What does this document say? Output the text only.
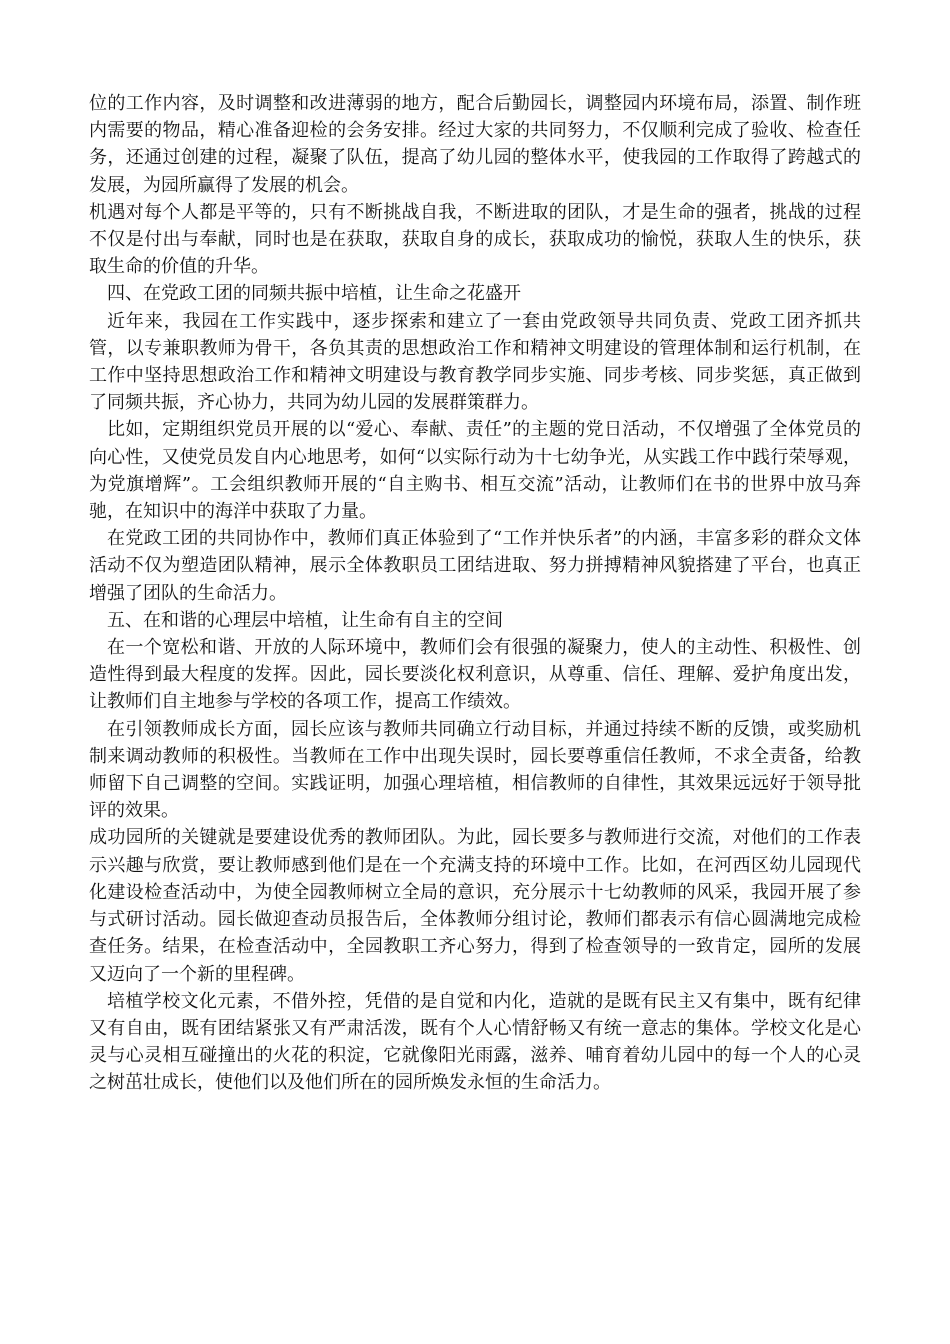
位的工作内容，及时调整和改进薄弱的地方，配合后勤园长，调整园内环境布局，添置、制作班内需要的物品，精心准备迎检的会务安排。经过大家的共同努力，不仅顺利完成了验收、检查任务，还通过创建的过程，凝聚了队伍，提高了幼儿园的整体水平，使我园的工作取得了跨越式的发展，为园所赢得了发展的机会。

机遇对每个人都是平等的，只有不断挑战自我，不断进取的团队，才是生命的强者，挑战的过程不仅是付出与奉献，同时也是在获取，获取自身的成长，获取成功的愉悦，获取人生的快乐，获取生命的价值的升华。

四、在党政工团的同频共振中培植，让生命之花盛开

近年来，我园在工作实践中，逐步探索和建立了一套由党政领导共同负责、党政工团齐抓共管，以专兼职教师为骨干，各负其责的思想政治工作和精神文明建设的管理体制和运行机制，在工作中坚持思想政治工作和精神文明建设与教育教学同步实施、同步考核、同步奖惩，真正做到了同频共振，齐心协力，共同为幼儿园的发展群策群力。

比如，定期组织党员开展的以“爱心、奉献、责任”的主题的党日活动，不仅增强了全体党员的向心性，又使党员发自内心地思考，如何“以实际行动为十七幼争光，从实践工作中践行荣辱观，为党旗增辉”。工会组织教师开展的“自主购书、相互交流”活动，让教师们在书的世界中放马奔驰，在知识中的海洋中获取了力量。

在党政工团的共同协作中，教师们真正体验到了“工作并快乐者”的内涵，丰富多彩的群众文体活动不仅为塑造团队精神，展示全体教职员工团结进取、努力拼搏精神风貌搭建了平台，也真正增强了团队的生命活力。

五、在和谐的心理层中培植，让生命有自主的空间

在一个宽松和谐、开放的人际环境中，教师们会有很强的凝聚力，使人的主动性、积极性、创造性得到最大程度的发挥。因此，园长要淡化权利意识，从尊重、信任、理解、爱护角度出发，让教师们自主地参与学校的各项工作，提高工作绩效。

在引领教师成长方面，园长应该与教师共同确立行动目标，并通过持续不断的反馈，或奖励机制来调动教师的积极性。当教师在工作中出现失误时，园长要尊重信任教师，不求全责备，给教师留下自己调整的空间。实践证明，加强心理培植，相信教师的自律性，其效果远远好于领导批评的效果。

成功园所的关键就是要建设优秀的教师团队。为此，园长要多与教师进行交流，对他们的工作表示兴趣与欣赏，要让教师感到他们是在一个充满支持的环境中工作。比如，在河西区幼儿园现代化建设检查活动中，为使全园教师树立全局的意识，充分展示十七幼教师的风采，我园开展了参与式研讨活动。园长做迎查动员报告后，全体教师分组讨论，教师们都表示有信心圆满地完成检查任务。结果，在检查活动中，全园教职工齐心努力，得到了检查领导的一致肯定，园所的发展又迈向了一个新的里程碑。

培植学校文化元素，不借外控，凭借的是自觉和内化，造就的是既有民主又有集中，既有纪律又有自由，既有团结紧张又有严肃活泼，既有个人心情舒畅又有统一意志的集体。学校文化是心灵与心灵相互碰撞出的火花的积淀，它就像阳光雨露，滋养、哺育着幼儿园中的每一个人的心灵之树茁壮成长，使他们以及他们所在的园所焕发永恒的生命活力。
